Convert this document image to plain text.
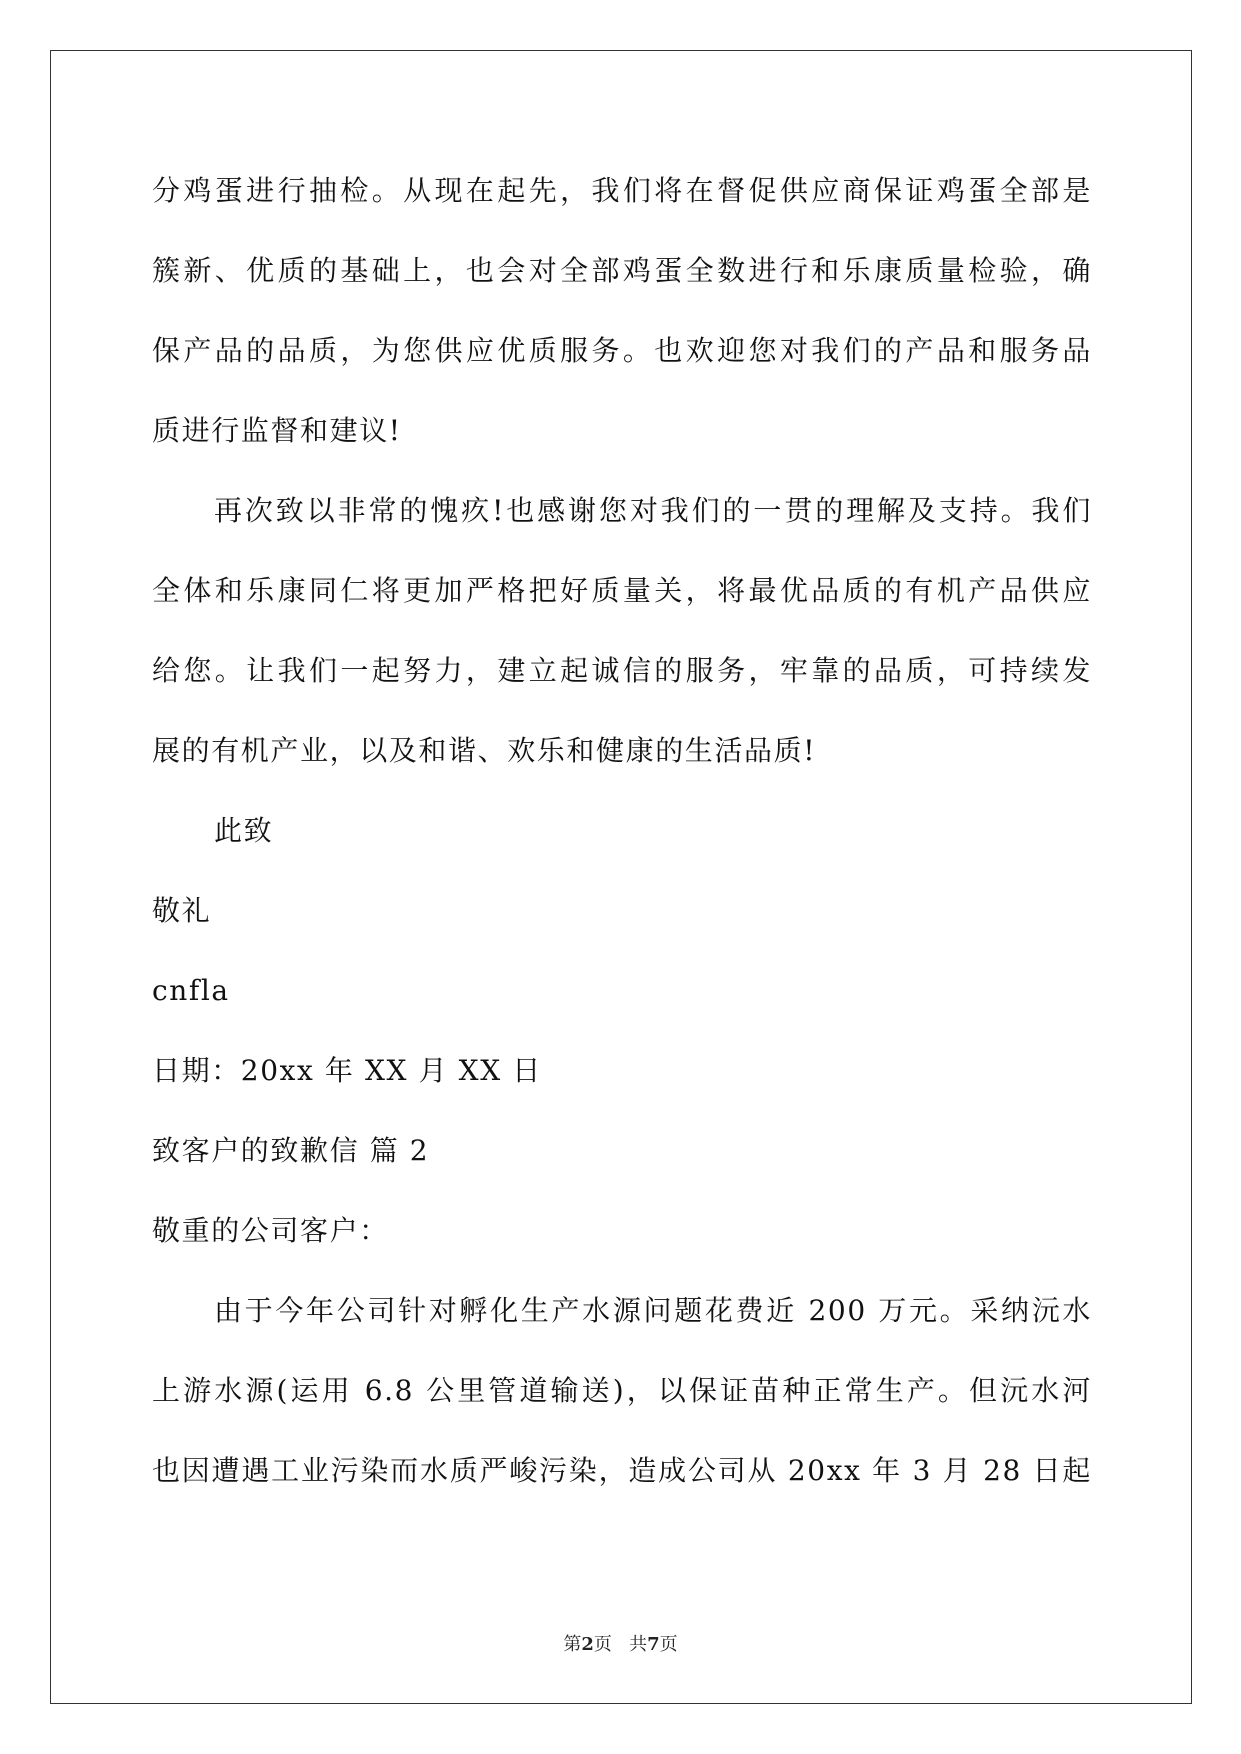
分鸡蛋进行抽检。从现在起先，我们将在督促供应商保证鸡蛋全部是
簇新、优质的基础上，也会对全部鸡蛋全数进行和乐康质量检验，确
保产品的品质，为您供应优质服务。也欢迎您对我们的产品和服务品
质进行监督和建议!
再次致以非常的愧疚!也感谢您对我们的一贯的理解及支持。我们
全体和乐康同仁将更加严格把好质量关，将最优品质的有机产品供应
给您。让我们一起努力，建立起诚信的服务，牢靠的品质，可持续发
展的有机产业，以及和谐、欢乐和健康的生活品质!
此致
敬礼
cnfla
日期：20xx 年 XX 月 XX 日
致客户的致歉信 篇 2
敬重的公司客户：
由于今年公司针对孵化生产水源问题花费近 200 万元。采纳沅水
上游水源(运用 6.8 公里管道输送)，以保证苗种正常生产。但沅水河
也因遭遇工业污染而水质严峻污染，造成公司从 20xx 年 3 月 28 日起
第2页   共7页
